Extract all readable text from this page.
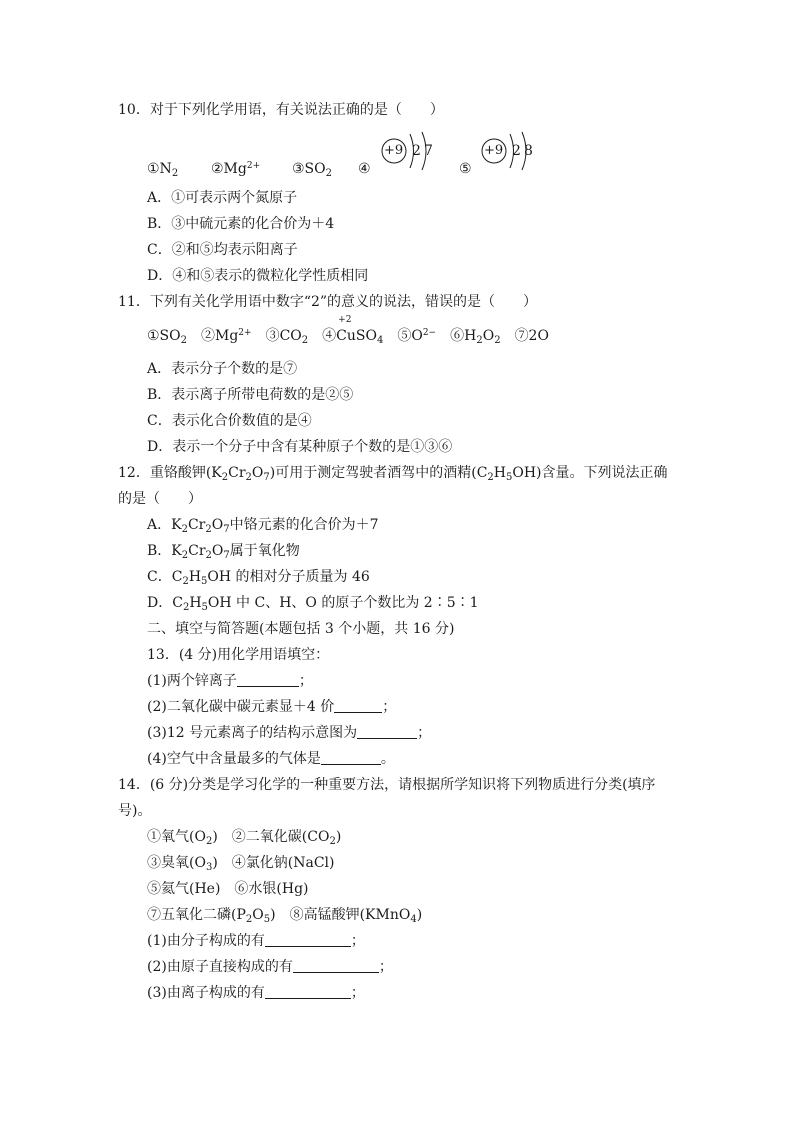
10．对于下列化学用语，有关说法正确的是（　　）
$①N_2$ $②Mg^{2+}$ $③SO_2$ ④	⑤
+9 2 7	+9 2 8
A．①可表示两个氮原子
B．③中硫元素的化合价为＋4
C．②和⑤均表示阳离子
D．④和⑤表示的微粒化学性质相同
11．下列有关化学用语中数字“2”的意义的说法，错误的是（　　）
$①SO_2$　 $②Mg^{2+}$　 $③CO_2$　 ④
+2
CuSO$_4$　 $⑤O^{2-}$　 $⑥H_2O_2$　 ⑦2O
A．表示分子个数的是⑦
B．表示离子所带电荷数的是②⑤
C．表示化合价数值的是④
D．表示一个分子中含有某种原子个数的是①③⑥
12．重铬酸钾$(K_2Cr_2O_7)$可用于测定驾驶者酒驾中的酒精$(C_2H_5OH)$含量。下列说法正确
的是（　　）
A．$K_2Cr_2O_7$中铬元素的化合价为＋7
B．$K_2Cr_2O_7$属于氧化物
C．$C_2H_5OH$ 的相对分子质量为 46
D．$C_2H_5OH$ 中 C、H、O 的原子个数比为 2∶5∶1
二、填空与简答题(本题包括 3 个小题，共 16 分)
13．(4 分)用化学用语填空：
(1)两个锌离子	；
(2)二氧化碳中碳元素显＋4 价	；
(3)12 号元素离子的结构示意图为	；
(4)空气中含量最多的气体是	。
14．(6 分)分类是学习化学的一种重要方法，请根据所学知识将下列物质进行分类(填序
号)。
①氧气$(O_2)$　②二氧化碳$(CO_2)$
③臭氧$(O_3)$　④氯化钠(NaCl)
⑤氦气(He)　⑥水银(Hg)
⑦五氧化二磷$(P_2O_5)$　⑧高锰酸钾(KMnO$_4$)
(1)由分子构成的有	；
(2)由原子直接构成的有	；
(3)由离子构成的有	；
